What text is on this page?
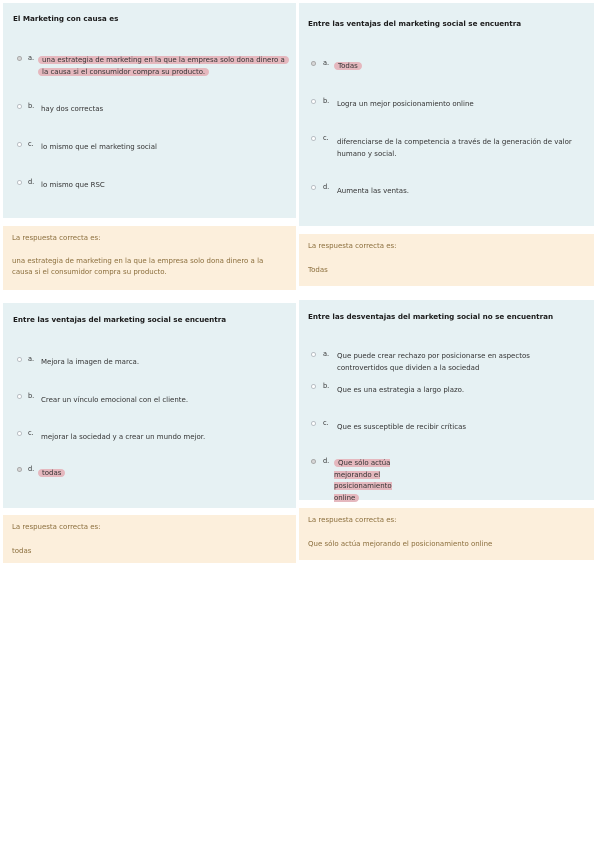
El Marketing con causa es
a.	una estrategia de marketing en la que la empresa solo dona dinero a la causa si el consumidor compra su producto.
b. hay dos correctas
c. lo mismo que el marketing social
d. lo mismo que RSC
La respuesta correcta es:
una estrategia de marketing en la que la empresa solo dona dinero a la causa si el consumidor compra su producto.
Entre las ventajas del marketing social se encuentra
a.	Todas
b. Logra un mejor posicionamiento online
c. diferenciarse de la competencia a través de la generación de valor humano y social.
d. Aumenta las ventas.
La respuesta correcta es:
Todas
Entre las ventajas del marketing social se encuentra
a. Mejora la imagen de marca.
b. Crear un vínculo emocional con el cliente.
c. mejorar la sociedad y a crear un mundo mejor.
d.	todas
La respuesta correcta es:
todas
Entre las desventajas del marketing social no se encuentran
a. Que puede crear rechazo por posicionarse en aspectos controvertidos que dividen a la sociedad
b. Que es una estrategia a largo plazo.
c. Que es susceptible de recibir críticas
d.	Que sólo actúa mejorando el posicionamiento online
La respuesta correcta es:
Que sólo actúa mejorando el posicionamiento online
